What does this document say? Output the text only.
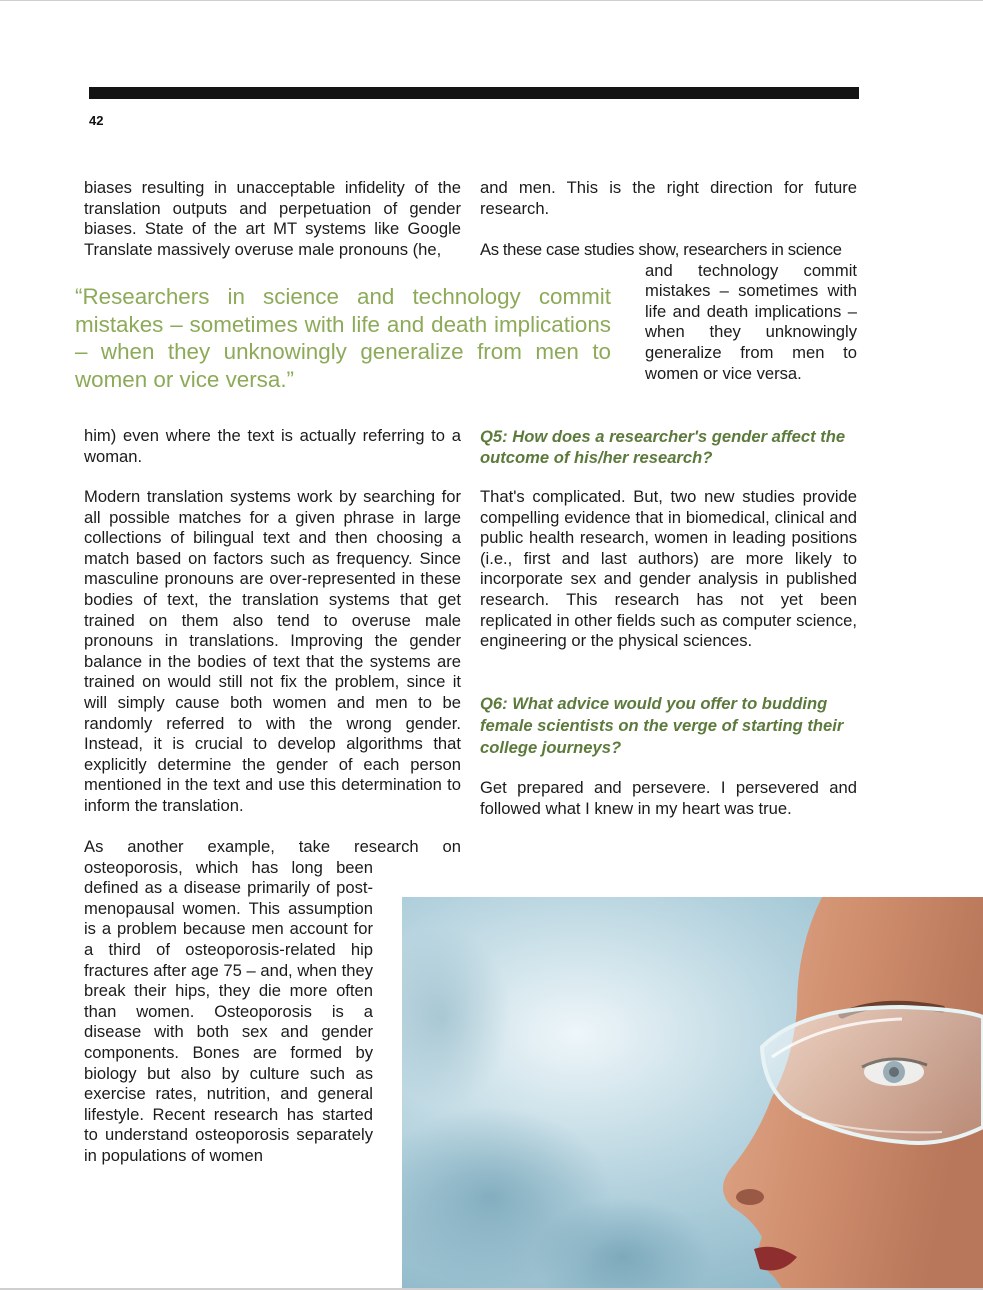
42

biases resulting in unacceptable infidelity of the translation outputs and perpetuation of gender biases. State of the art MT systems like Google Translate massively overuse male pronouns (he,

and men. This is the right direction for future research.

As these case studies show, researchers in science

and technology commit mistakes – sometimes with life and death implications – when they unknowingly generalize from men to women or vice versa.

“Researchers in science and technology commit mistakes – sometimes with life and death implications – when they unknowingly generalize from men to women or vice versa.”

him) even where the text is actually referring to a woman.

Modern translation systems work by searching for all possible matches for a given phrase in large collections of bilingual text and then choosing a match based on factors such as frequency. Since masculine pronouns are over-represented in these bodies of text, the translation systems that get trained on them also tend to overuse male pronouns in translations. Improving the gender balance in the bodies of text that the systems are trained on would still not fix the problem, since it will simply cause both women and men to be randomly referred to with the wrong gender. Instead, it is crucial to develop algorithms that explicitly determine the gender of each person mentioned in the text and use this determination to inform the translation.

As another example, take research on

osteoporosis, which has long been defined as a disease primarily of post-menopausal women. This assumption is a problem because men account for a third of osteoporosis-related hip fractures after age 75 – and, when they break their hips, they die more often than women. Osteoporosis is a disease with both sex and gender components. Bones are formed by biology but also by culture such as exercise rates, nutrition, and general lifestyle. Recent research has started to understand osteoporosis separately in populations of women

Q5: How does a researcher's gender affect the outcome of his/her research?

That's complicated. But, two new studies provide compelling evidence that in biomedical, clinical and public health research, women in leading positions (i.e., first and last authors) are more likely to incorporate sex and gender analysis in published research. This research has not yet been replicated in other fields such as computer science, engineering or the physical sciences.

Q6: What advice would you offer to budding female scientists on the verge of starting their college journeys?

Get prepared and persevere. I persevered and followed what I knew in my heart was true.
